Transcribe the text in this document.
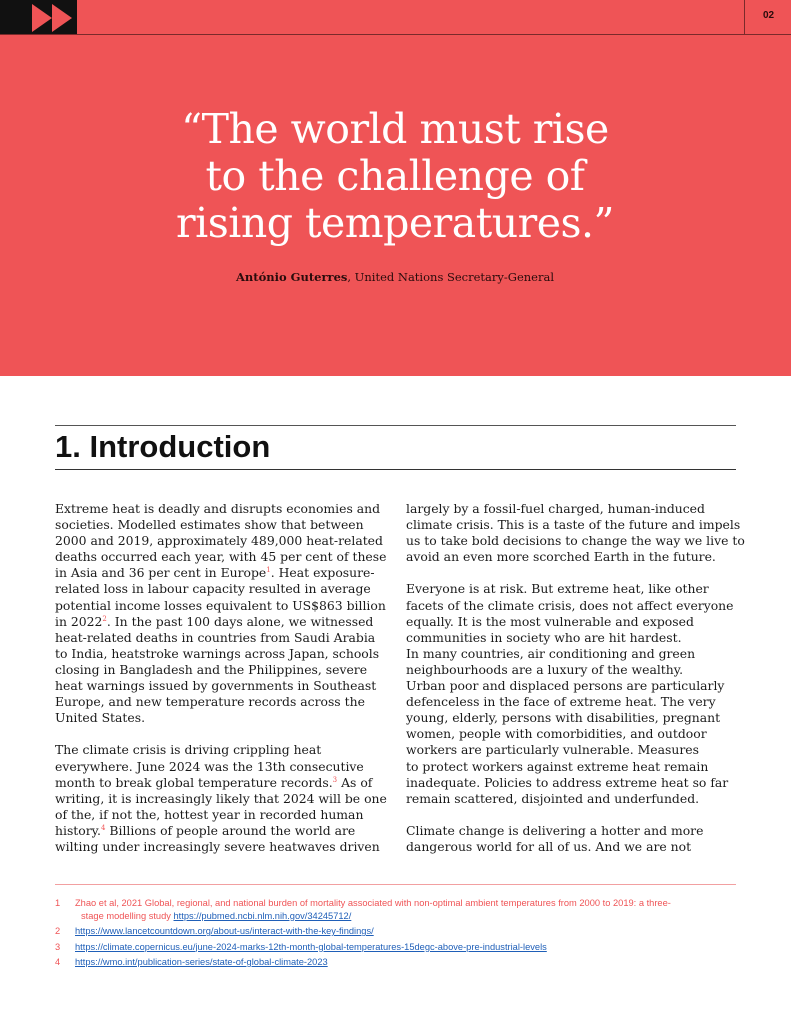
02
“The world must rise
to the challenge of
rising temperatures.”
António Guterres, United Nations Secretary-General
1. Introduction
Extreme heat is deadly and disrupts economies and
societies. Modelled estimates show that between
2000 and 2019, approximately 489,000 heat-related
deaths occurred each year, with 45 per cent of these
in Asia and 36 per cent in Europe$^1$. Heat exposure-
related loss in labour capacity resulted in average
potential income losses equivalent to US$863 billion
in 2022$^2$. In the past 100 days alone, we witnessed
heat-related deaths in countries from Saudi Arabia
to India, heatstroke warnings across Japan, schools
closing in Bangladesh and the Philippines, severe
heat warnings issued by governments in Southeast
Europe, and new temperature records across the
United States.
The climate crisis is driving crippling heat
everywhere. June 2024 was the 13th consecutive
month to break global temperature records.$^3$ As of
writing, it is increasingly likely that 2024 will be one
of the, if not the, hottest year in recorded human
history.$^4$ Billions of people around the world are
wilting under increasingly severe heatwaves driven
largely by a fossil-fuel charged, human-induced
climate crisis. This is a taste of the future and impels
us to take bold decisions to change the way we live to
avoid an even more scorched Earth in the future.
Everyone is at risk. But extreme heat, like other
facets of the climate crisis, does not affect everyone
equally. It is the most vulnerable and exposed
communities in society who are hit hardest.
In many countries, air conditioning and green
neighbourhoods are a luxury of the wealthy.
Urban poor and displaced persons are particularly
defenceless in the face of extreme heat. The very
young, elderly, persons with disabilities, pregnant
women, people with comorbidities, and outdoor
workers are particularly vulnerable. Measures
to protect workers against extreme heat remain
inadequate. Policies to address extreme heat so far
remain scattered, disjointed and underfunded.
Climate change is delivering a hotter and more
dangerous world for all of us. And we are not
1 Zhao et al, 2021 Global, regional, and national burden of mortality associated with non-optimal ambient temperatures from 2000 to 2019: a three-
stage modelling study https://pubmed.ncbi.nlm.nih.gov/34245712/
2 https://www.lancetcountdown.org/about-us/interact-with-the-key-findings/
3 https://climate.copernicus.eu/june-2024-marks-12th-month-global-temperatures-15degc-above-pre-industrial-levels
4 https://wmo.int/publication-series/state-of-global-climate-2023
